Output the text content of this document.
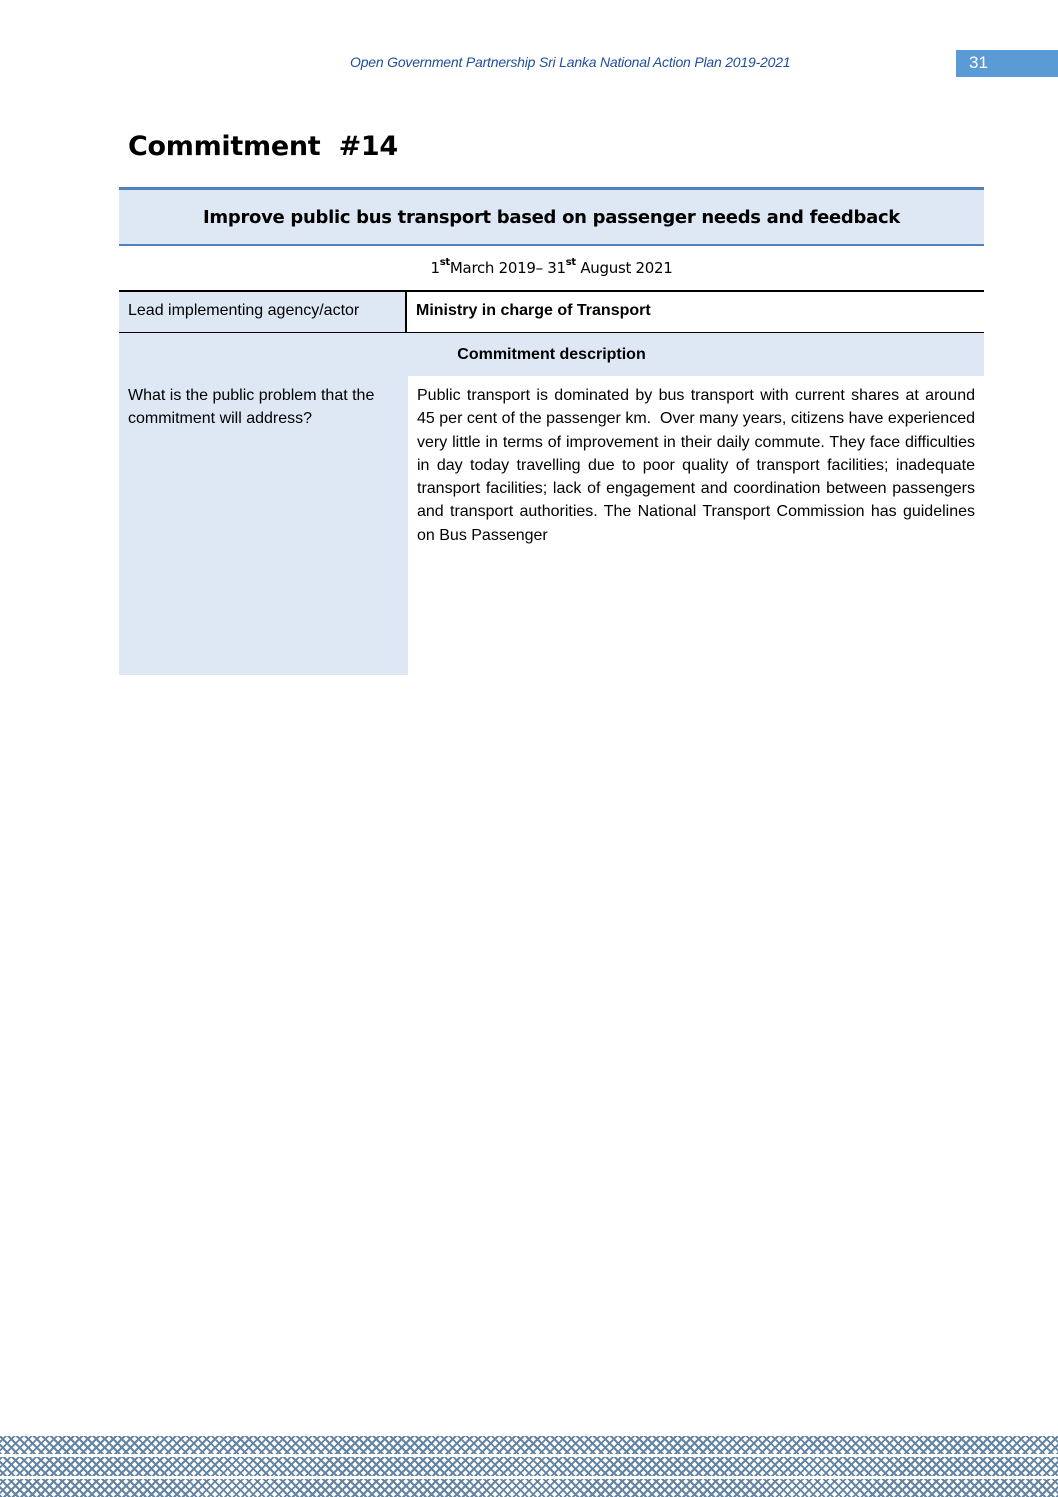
Open Government Partnership Sri Lanka National Action Plan 2019-2021	31
Commitment  #14
Improve public bus transport based on passenger needs and feedback
1stMarch 2019– 31st August 2021
Lead implementing agency/actor	Ministry in charge of Transport
Commitment description
What is the public problem that the commitment will address?
Public transport is dominated by bus transport with current shares at around 45 per cent of the passenger km.  Over many years, citizens have experienced very little in terms of improvement in their daily commute. They face difficulties in day today travelling due to poor quality of transport facilities; inadequate transport facilities; lack of engagement and coordination between passengers and transport authorities. The National Transport Commission has guidelines on Bus Passenger
